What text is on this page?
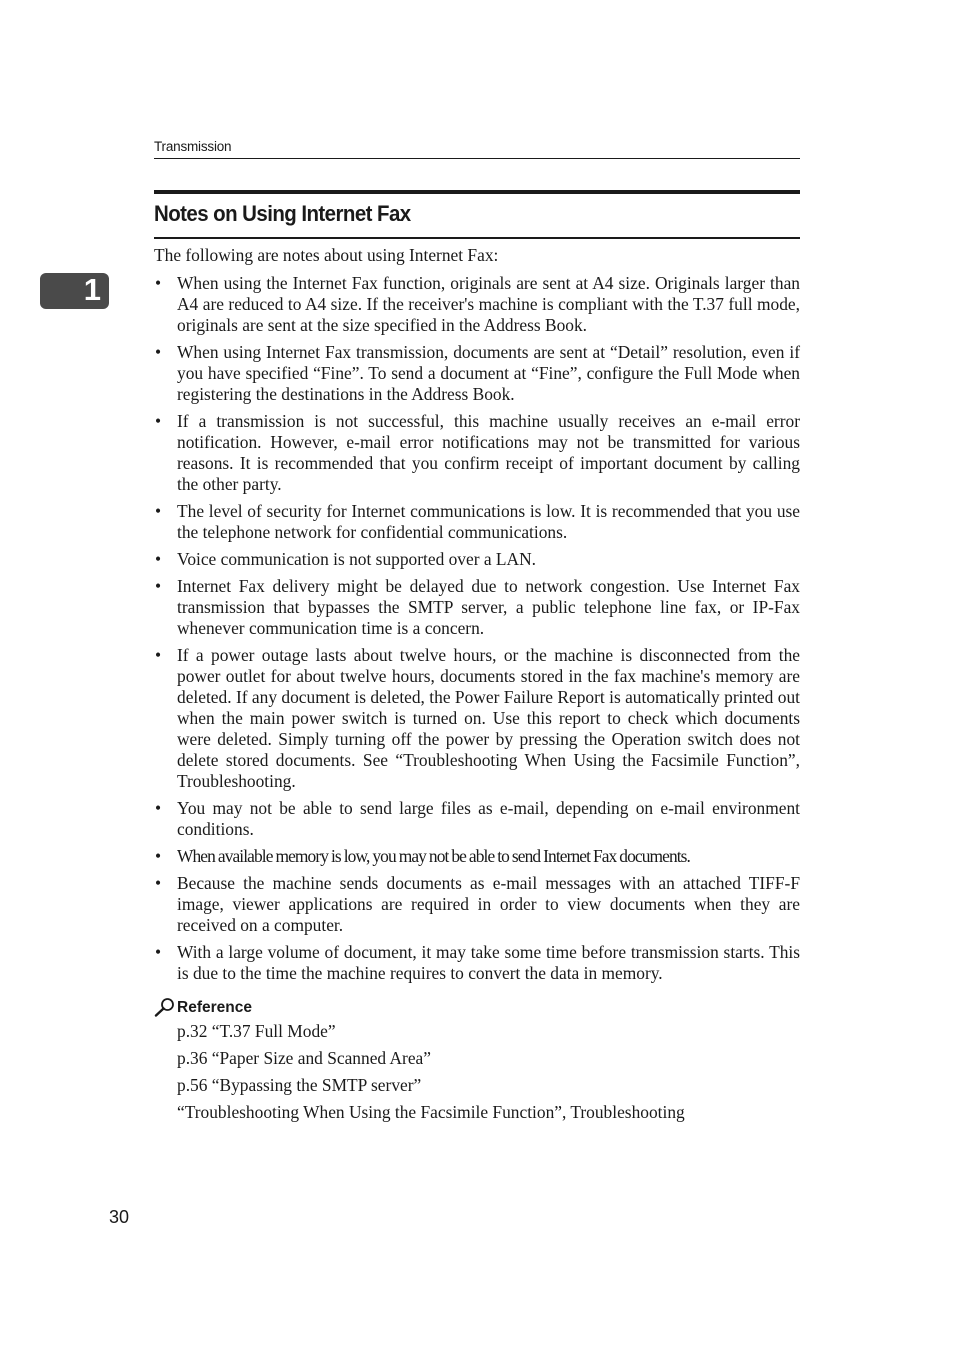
Transmission
Notes on Using Internet Fax
1

The following are notes about using Internet Fax:

• When using the Internet Fax function, originals are sent at A4 size. Originals larger than A4 are reduced to A4 size. If the receiver's machine is compliant with the T.37 full mode, originals are sent at the size specified in the Address Book.
• When using Internet Fax transmission, documents are sent at “Detail” resolution, even if you have specified “Fine”. To send a document at “Fine”, configure the Full Mode when registering the destinations in the Address Book.
• If a transmission is not successful, this machine usually receives an e-mail error notification. However, e-mail error notifications may not be transmitted for various reasons. It is recommended that you confirm receipt of important document by calling the other party.
• The level of security for Internet communications is low. It is recommended that you use the telephone network for confidential communications.
• Voice communication is not supported over a LAN.
• Internet Fax delivery might be delayed due to network congestion. Use Internet Fax transmission that bypasses the SMTP server, a public telephone line fax, or IP-Fax whenever communication time is a concern.
• If a power outage lasts about twelve hours, or the machine is disconnected from the power outlet for about twelve hours, documents stored in the fax machine's memory are deleted. If any document is deleted, the Power Failure Report is automatically printed out when the main power switch is turned on. Use this report to check which documents were deleted. Simply turning off the power by pressing the Operation switch does not delete stored documents. See “Troubleshooting When Using the Facsimile Function”, Troubleshooting.
• You may not be able to send large files as e-mail, depending on e-mail environment conditions.
• When available memory is low, you may not be able to send Internet Fax documents.
• Because the machine sends documents as e-mail messages with an attached TIFF-F image, viewer applications are required in order to view documents when they are received on a computer.
• With a large volume of document, it may take some time before transmission starts. This is due to the time the machine requires to convert the data in memory.
Reference
p.32 “T.37 Full Mode”
p.36 “Paper Size and Scanned Area”
p.56 “Bypassing the SMTP server”
“Troubleshooting When Using the Facsimile Function”, Troubleshooting
30
